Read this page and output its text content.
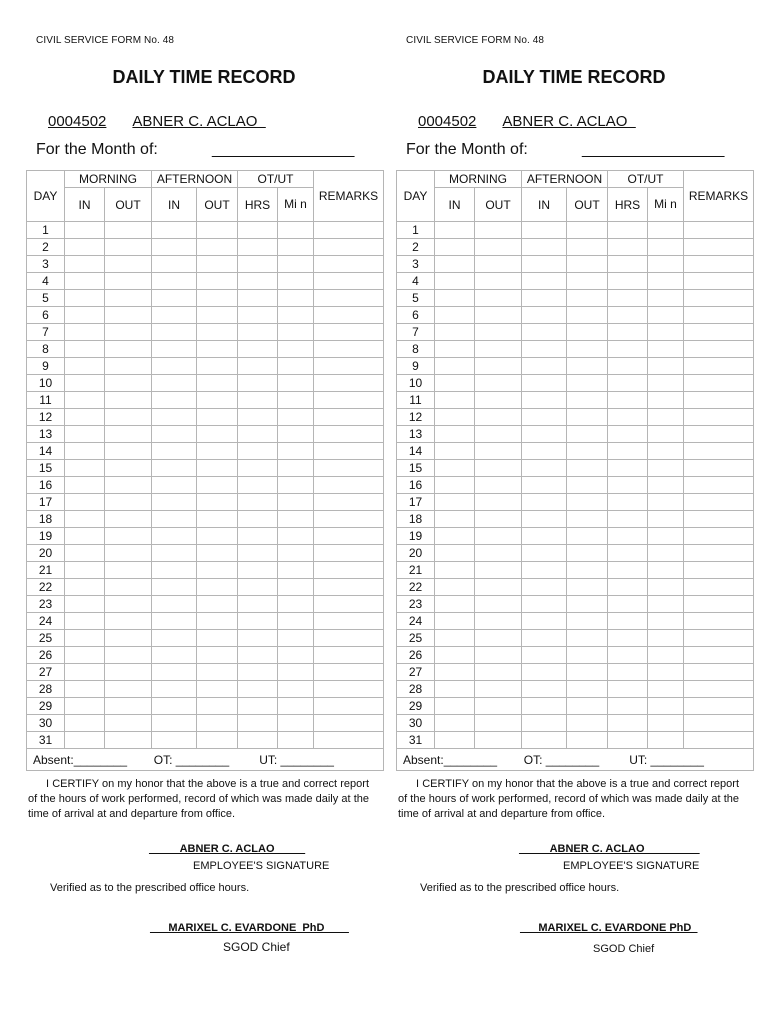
CIVIL SERVICE FORM No. 48
DAILY TIME RECORD
0004502 ABNER C. ACLAO
For the Month of:	________________
DAY	MORNING		AFTERNOON		OT/UT		REMARKS
	IN	OUT	IN	OUT	HRS	Mi n	
1							
2							
3							
4							
5							
6							
7							
8							
9							
10							
11							
12							
13							
14							
15							
16							
17							
18							
19							
20							
21							
22							
23							
24							
25							
26							
27							
28							
29							
30							
31							
Absent:________ OT: ________ UT: ________							
I CERTIFY on my honor that the above is a true and correct report of the hours of work performed, record of which was made daily at the time of arrival at and departure from office.
_____ABNER C. ACLAO_____
EMPLOYEE'S SIGNATURE
Verified as to the prescribed office hours.
___MARIXEL C. EVARDONE  PhD____
SGOD Chief
CIVIL SERVICE FORM No. 48
DAILY TIME RECORD
0004502 ABNER C. ACLAO
For the Month of:	________________
DAY	MORNING		AFTERNOON		OT/UT		REMARKS
	IN	OUT	IN	OUT	HRS	Mi n	
1							
2							
3							
4							
5							
6							
7							
8							
9							
10							
11							
12							
13							
14							
15							
16							
17							
18							
19							
20							
21							
22							
23							
24							
25							
26							
27							
28							
29							
30							
31							
Absent:________ OT: ________ UT: ________							
I CERTIFY on my honor that the above is a true and correct report of the hours of work performed, record of which was made daily at the time of arrival at and departure from office.
_____ABNER C. ACLAO_________
EMPLOYEE'S SIGNATURE
Verified as to the prescribed office hours.
___MARIXEL C. EVARDONE PhD_
SGOD Chief
